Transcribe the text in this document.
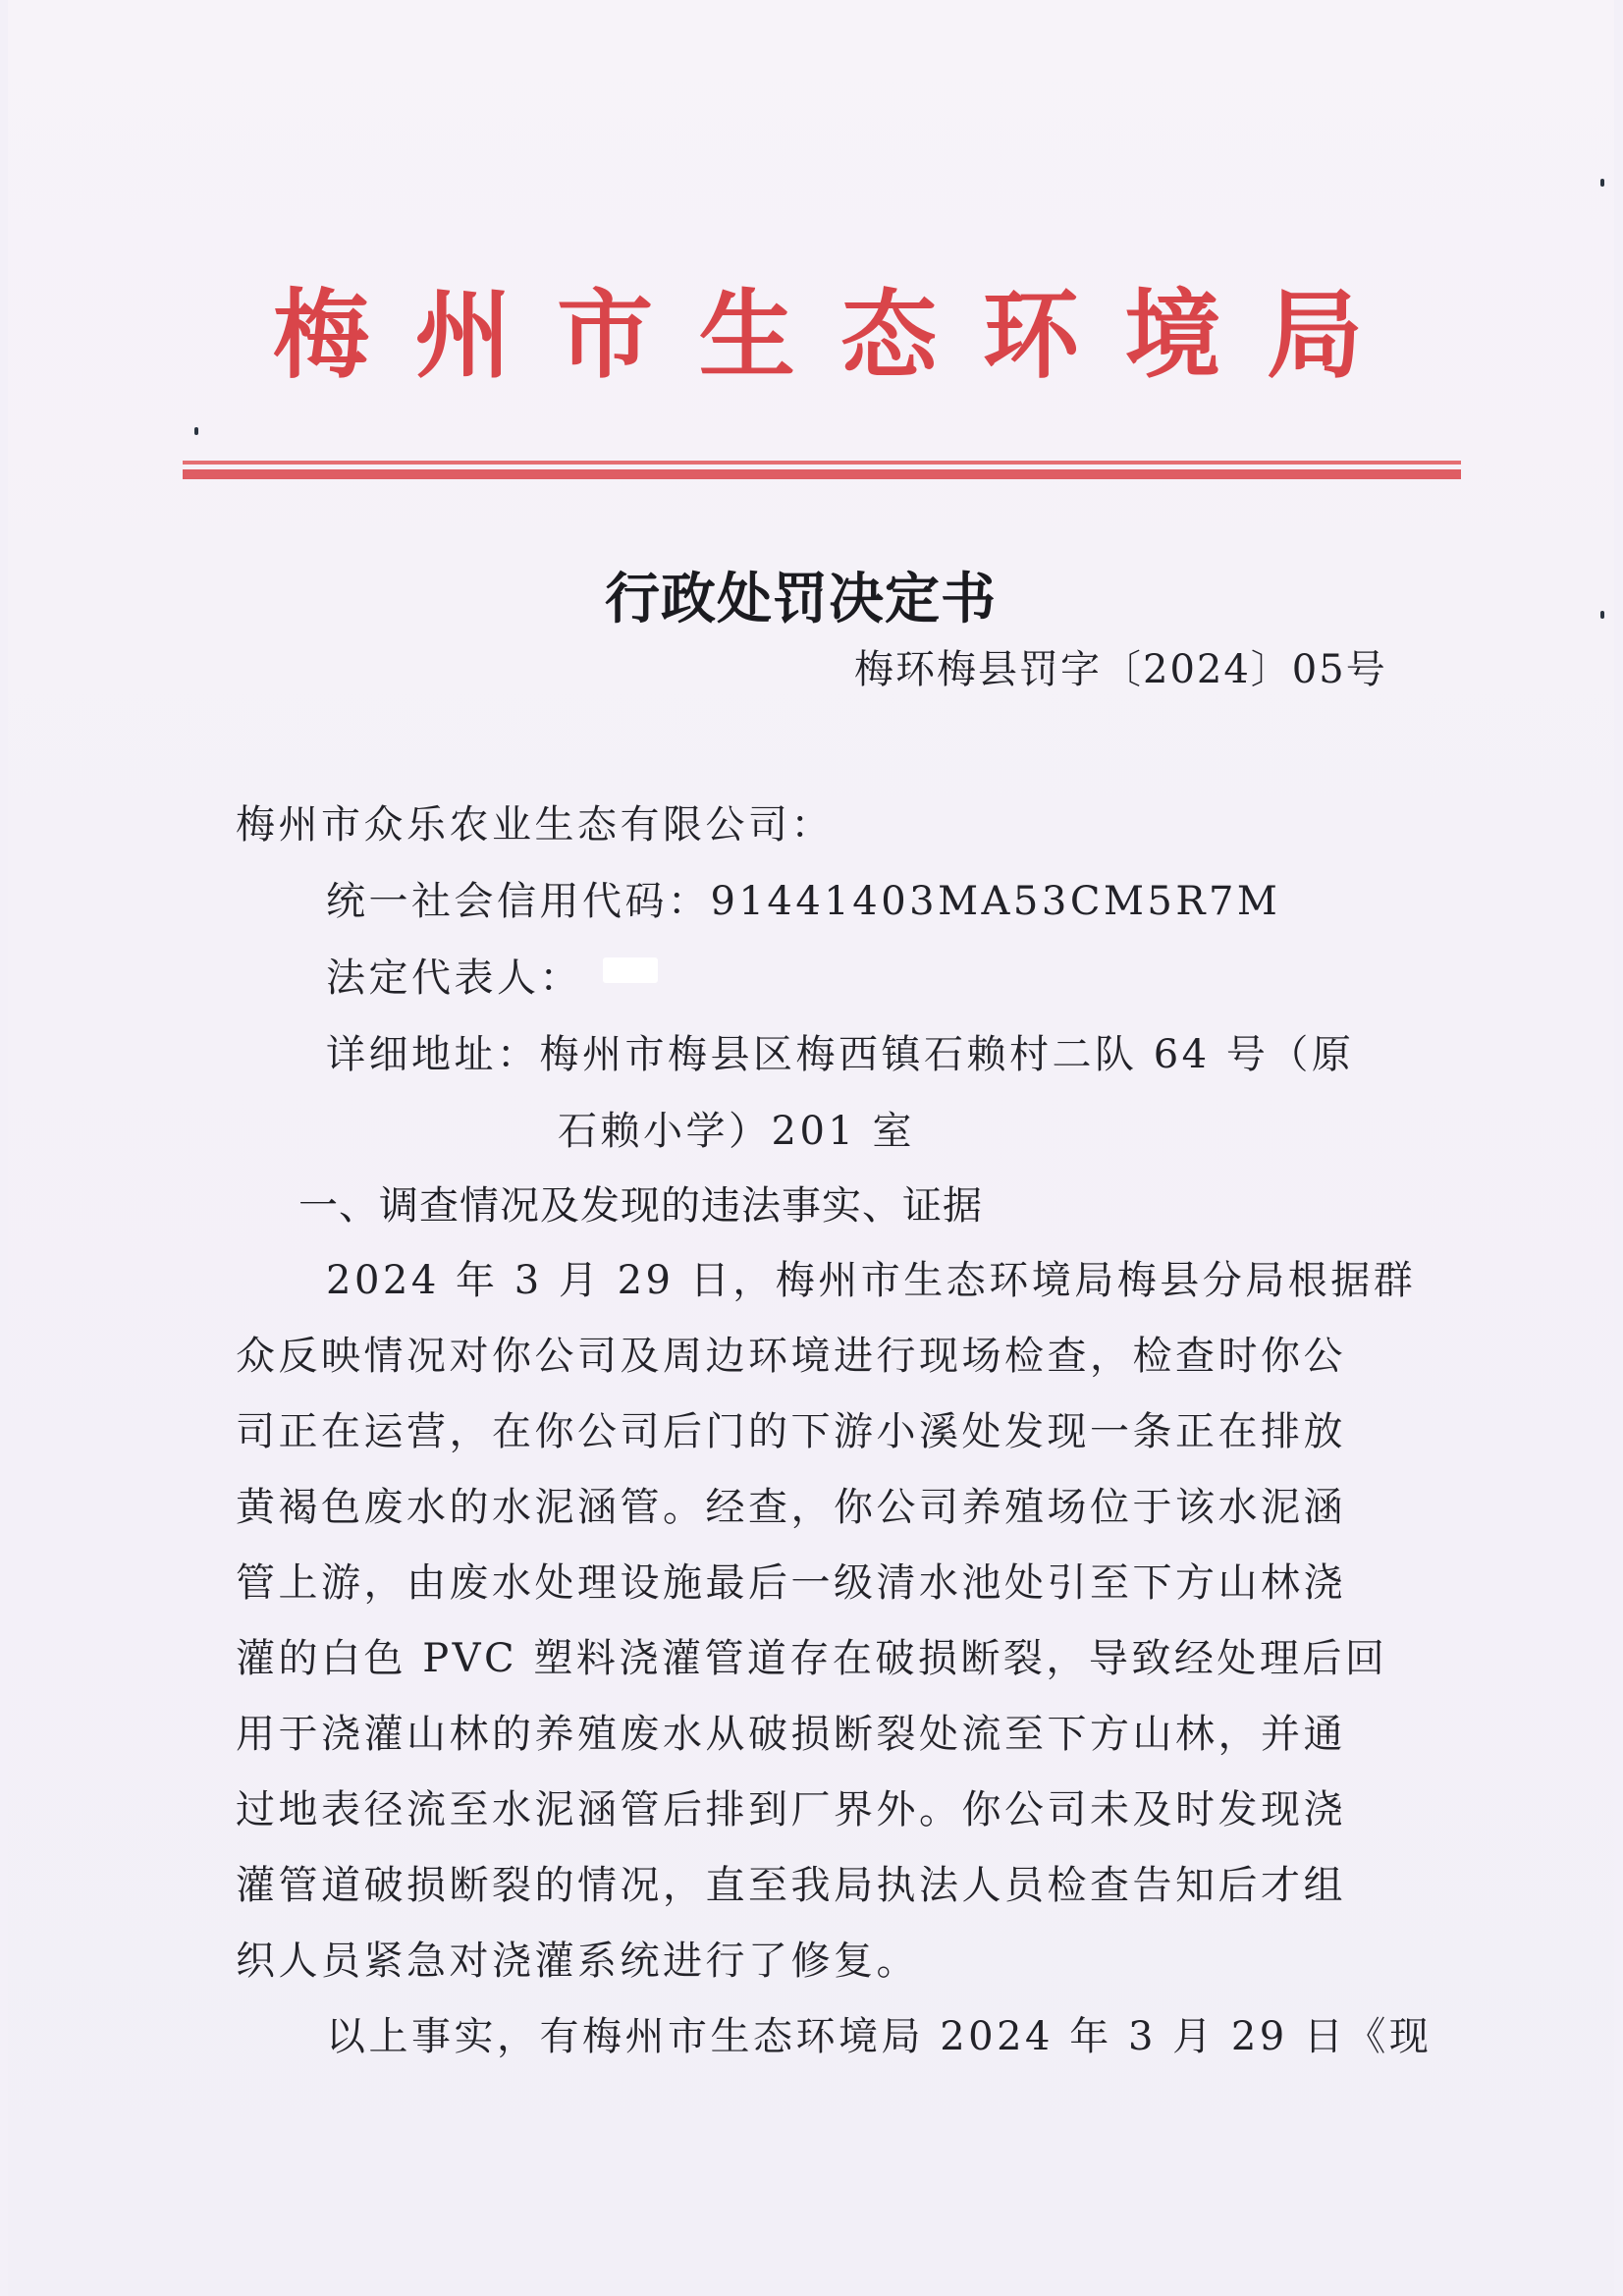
梅 州 市 生 态 环 境 局
行政处罚决定书
梅环梅县罚字〔2024〕05号
梅州市众乐农业生态有限公司：
统一社会信用代码：91441403MA53CM5R7M
法定代表人：
详细地址：梅州市梅县区梅西镇石赖村二队 64 号（原
石赖小学）201 室
一、调查情况及发现的违法事实、证据
2024 年 3 月 29 日，梅州市生态环境局梅县分局根据群
众反映情况对你公司及周边环境进行现场检查，检查时你公
司正在运营，在你公司后门的下游小溪处发现一条正在排放
黄褐色废水的水泥涵管。经查，你公司养殖场位于该水泥涵
管上游，由废水处理设施最后一级清水池处引至下方山林浇
灌的白色 PVC 塑料浇灌管道存在破损断裂，导致经处理后回
用于浇灌山林的养殖废水从破损断裂处流至下方山林，并通
过地表径流至水泥涵管后排到厂界外。你公司未及时发现浇
灌管道破损断裂的情况，直至我局执法人员检查告知后才组
织人员紧急对浇灌系统进行了修复。
以上事实，有梅州市生态环境局 2024 年 3 月 29 日《现
